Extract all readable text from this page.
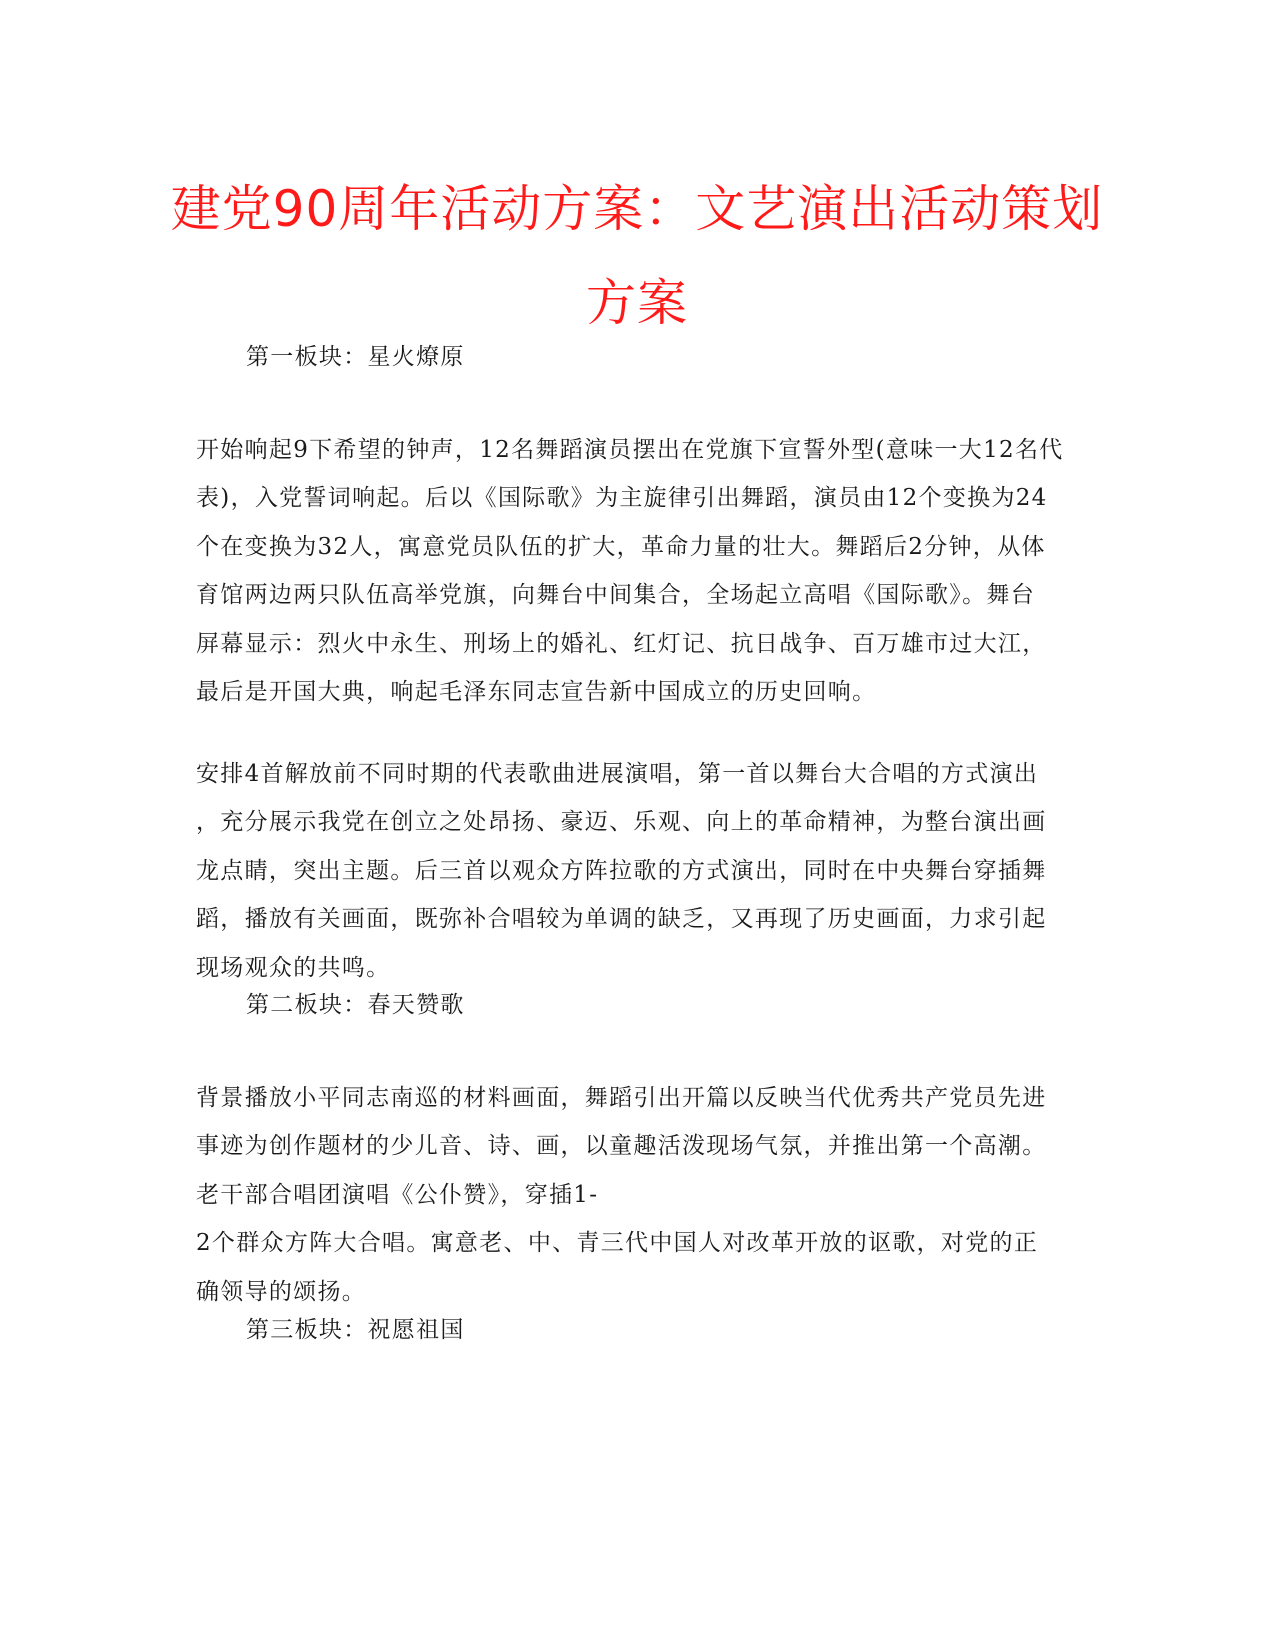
建党90周年活动方案：文艺演出活动策划
方案
第一板块：星火燎原

开始响起9下希望的钟声，12名舞蹈演员摆出在党旗下宣誓外型(意味一大12名代
表)，入党誓词响起。后以《国际歌》为主旋律引出舞蹈，演员由12个变换为24
个在变换为32人，寓意党员队伍的扩大，革命力量的壮大。舞蹈后2分钟，从体
育馆两边两只队伍高举党旗，向舞台中间集合，全场起立高唱《国际歌》。舞台
屏幕显示：烈火中永生、刑场上的婚礼、红灯记、抗日战争、百万雄市过大江，
最后是开国大典，响起毛泽东同志宣告新中国成立的历史回响。

安排4首解放前不同时期的代表歌曲进展演唱，第一首以舞台大合唱的方式演出
，充分展示我党在创立之处昂扬、豪迈、乐观、向上的革命精神，为整台演出画
龙点睛，突出主题。后三首以观众方阵拉歌的方式演出，同时在中央舞台穿插舞
蹈，播放有关画面，既弥补合唱较为单调的缺乏，又再现了历史画面，力求引起
现场观众的共鸣。

第二板块：春天赞歌

背景播放小平同志南巡的材料画面，舞蹈引出开篇以反映当代优秀共产党员先进
事迹为创作题材的少儿音、诗、画，以童趣活泼现场气氛，并推出第一个高潮。
老干部合唱团演唱《公仆赞》，穿插1-
2个群众方阵大合唱。寓意老、中、青三代中国人对改革开放的讴歌，对党的正
确领导的颂扬。

第三板块：祝愿祖国
